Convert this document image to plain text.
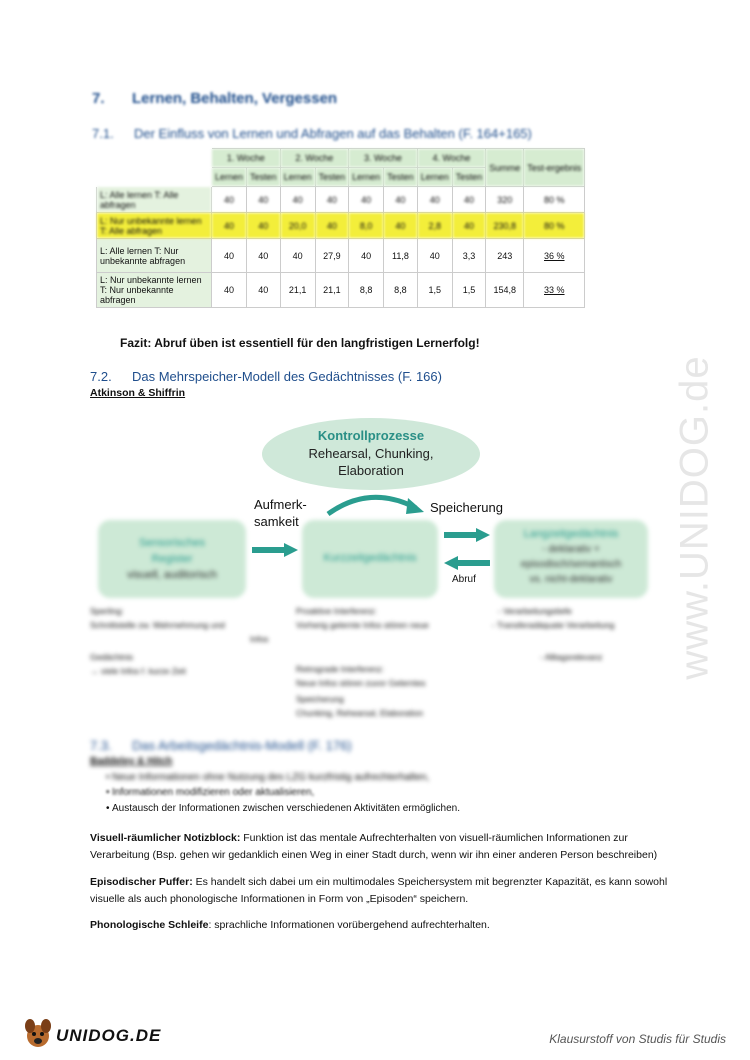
7. Lernen, Behalten, Vergessen
7.1. Der Einfluss von Lernen und Abfragen auf das Behalten (F. 164+165)
	1. Woche		2. Woche		3. Woche		4. Woche		Summe	Test-ergebnis
	Lernen	Testen	Lernen	Testen	Lernen	Testen	Lernen	Testen		
L: Alle lernen T: Alle abfragen	40	40	40	40	40	40	40	40	320	80 %
L: Nur unbekannte lernen T: Alle abfragen	40	40	20,0	40	8,0	40	2,8	40	230,8	80 %
L: Alle lernen T: Nur unbekannte abfragen	40	40	40	27,9	40	11,8	40	3,3	243	36 %
L: Nur unbekannte lernen T: Nur unbekannte abfragen	40	40	21,1	21,1	8,8	8,8	1,5	1,5	154,8	33 %
Fazit: Abruf üben ist essentiell für den langfristigen Lernerfolg!
7.2. Das Mehrspeicher-Modell des Gedächtnisses (F. 166)
Atkinson & Shiffrin
Kontrollprozesse
Rehearsal, Chunking,
Elaboration
Aufmerk-
samkeit
Speicherung
Sensorisches
Register
visuell, auditorisch
Kurzzeitgedächtnis
Abruf
Langzeitgedächtnis
- deklarativ +
episodisch/semantisch
vs. nicht-deklarativ
Sperling:
Schnittstelle zw. Wahrnehmung und
Infos
Gedächtnis
→ viele Infos f. kurze Zeit
Proaktive Interferenz:
Vorherig gelernte Infos stören neue
Retrograde Interferenz:
Neue Infos stören zuvor Gelerntes
Speicherung
Chunking, Rehearsal, Elaboration
- Verarbeitungstiefe
- Transferadäquate Verarbeitung
- Alltagsrelevanz
7.3. Das Arbeitsgedächtnis-Modell (F. 176)
Baddeley & Hitch
• Neue Informationen ohne Nutzung des LZG kurzfristig aufrechterhalten,
• Informationen modifizieren oder aktualisieren,
• Austausch der Informationen zwischen verschiedenen Aktivitäten ermöglichen.
Visuell-räumlicher Notizblock: Funktion ist das mentale Aufrechterhalten von visuell-räumlichen Informationen zur Verarbeitung (Bsp. gehen wir gedanklich einen Weg in einer Stadt durch, wenn wir ihn einer anderen Person beschreiben)
Episodischer Puffer: Es handelt sich dabei um ein multimodales Speichersystem mit begrenzter Kapazität, es kann sowohl visuelle als auch phonologische Informationen in Form von „Episoden“ speichern.
Phonologische Schleife: sprachliche Informationen vorübergehend aufrechterhalten.
www.UNIDOG.de
UNIDOG.DE	Klausurstoff von Studis für Studis
